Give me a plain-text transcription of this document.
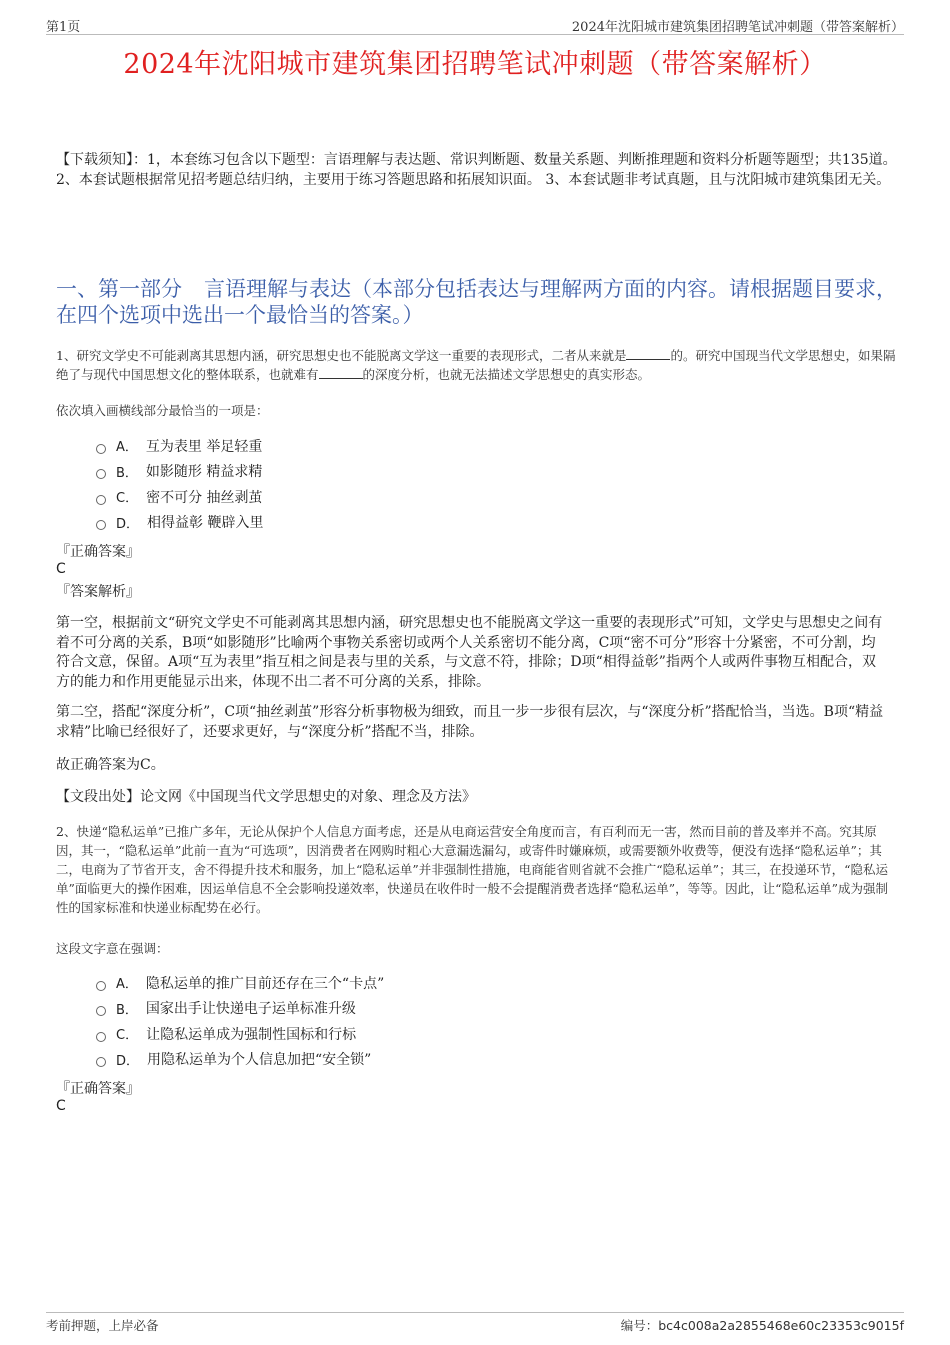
第1页	2024年沈阳城市建筑集团招聘笔试冲刺题（带答案解析）
2024年沈阳城市建筑集团招聘笔试冲刺题（带答案解析）
【下载须知】：1，本套练习包含以下题型：言语理解与表达题、常识判断题、数量关系题、判断推理题和资料分析题等题型；共135道。 2、本套试题根据常见招考题总结归纳，主要用于练习答题思路和拓展知识面。 3、本套试题非考试真题，且与沈阳城市建筑集团无关。
一、第一部分 言语理解与表达（本部分包括表达与理解两方面的内容。请根据题目要求，在四个选项中选出一个最恰当的答案。）

1、研究文学史不可能剥离其思想内涵，研究思想史也不能脱离文学这一重要的表现形式，二者从来就是	的。研究中国现当代文学思想史，如果隔绝了与现代中国思想文化的整体联系，也就难有	的深度分析，也就无法描述文学思想史的真实形态。

依次填入画横线部分最恰当的一项是：

A． 互为表里 举足轻重
B． 如影随形 精益求精
C． 密不可分 抽丝剥茧
D． 相得益彰 鞭辟入里
『正确答案』
C
『答案解析』

第一空，根据前文“研究文学史不可能剥离其思想内涵，研究思想史也不能脱离文学这一重要的表现形式”可知，文学史与思想史之间有着不可分离的关系，B项“如影随形”比喻两个事物关系密切或两个人关系密切不能分离，C项“密不可分”形容十分紧密，不可分割，均符合文意，保留。A项“互为表里”指互相之间是表与里的关系，与文意不符，排除；D项“相得益彰”指两个人或两件事物互相配合，双方的能力和作用更能显示出来，体现不出二者不可分离的关系，排除。

第二空，搭配“深度分析”，C项“抽丝剥茧”形容分析事物极为细致，而且一步一步很有层次，与“深度分析”搭配恰当，当选。B项“精益求精”比喻已经很好了，还要求更好，与“深度分析”搭配不当，排除。

故正确答案为C。

【文段出处】论文网《中国现当代文学思想史的对象、理念及方法》

2、快递“隐私运单”已推广多年，无论从保护个人信息方面考虑，还是从电商运营安全角度而言，有百利而无一害，然而目前的普及率并不高。究其原因，其一，“隐私运单”此前一直为“可选项”，因消费者在网购时粗心大意漏选漏勾，或寄件时嫌麻烦，或需要额外收费等，便没有选择“隐私运单”；其二，电商为了节省开支，舍不得提升技术和服务，加上“隐私运单”并非强制性措施，电商能省则省就不会推广“隐私运单”；其三，在投递环节，“隐私运单”面临更大的操作困难，因运单信息不全会影响投递效率，快递员在收件时一般不会提醒消费者选择“隐私运单”，等等。因此，让“隐私运单”成为强制性的国家标准和快递业标配势在必行。

这段文字意在强调：

A． 隐私运单的推广目前还存在三个“卡点”
B． 国家出手让快递电子运单标准升级
C． 让隐私运单成为强制性国标和行标
D． 用隐私运单为个人信息加把“安全锁”
『正确答案』
C
考前押题，上岸必备	编号：bc4c008a2a2855468e60c23353c9015f
